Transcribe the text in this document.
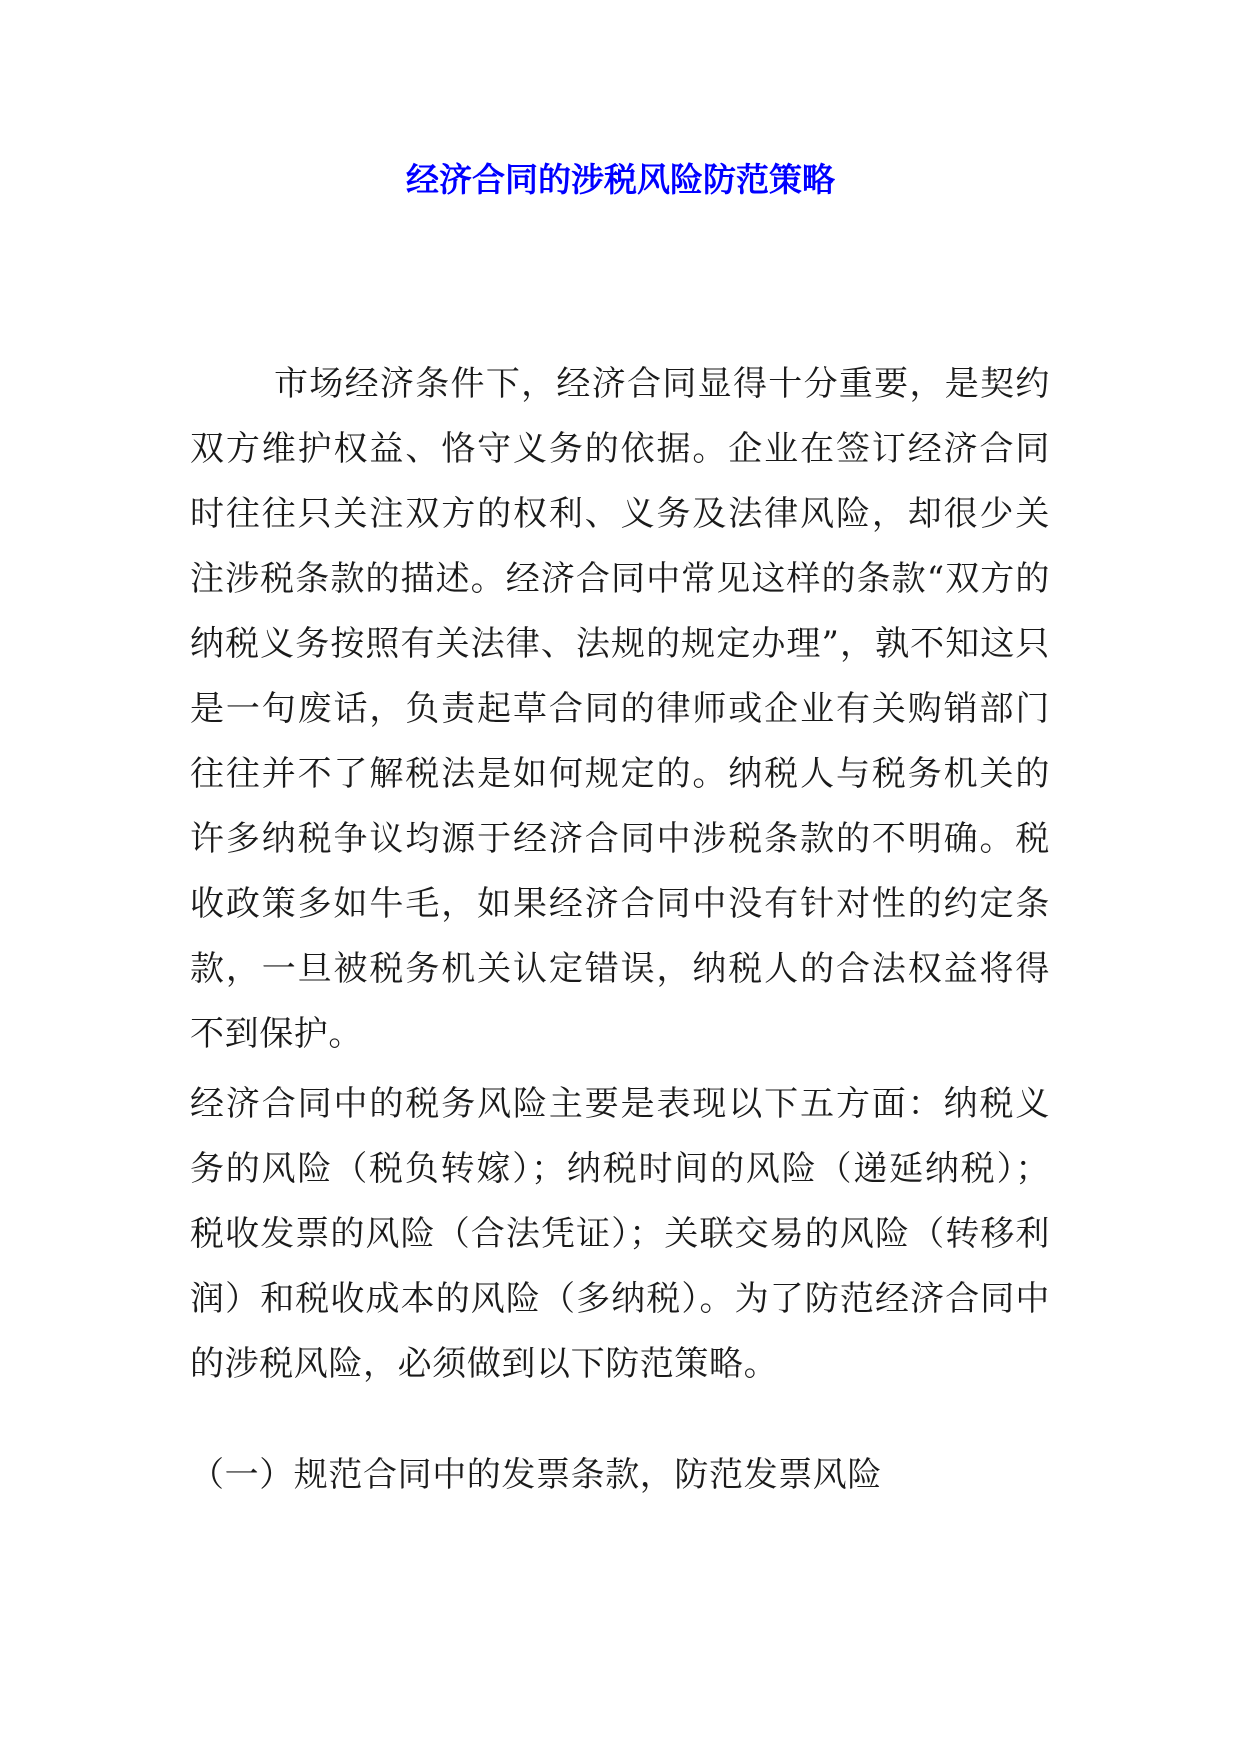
经济合同的涉税风险防范策略

市场经济条件下，经济合同显得十分重要，是契约双方维护权益、恪守义务的依据。企业在签订经济合同时往往只关注双方的权利、义务及法律风险，却很少关注涉税条款的描述。经济合同中常见这样的条款“双方的纳税义务按照有关法律、法规的规定办理”，孰不知这只是一句废话，负责起草合同的律师或企业有关购销部门往往并不了解税法是如何规定的。纳税人与税务机关的许多纳税争议均源于经济合同中涉税条款的不明确。税收政策多如牛毛，如果经济合同中没有针对性的约定条款，一旦被税务机关认定错误，纳税人的合法权益将得不到保护。

经济合同中的税务风险主要是表现以下五方面：纳税义务的风险（税负转嫁）；纳税时间的风险（递延纳税）；税收发票的风险（合法凭证）；关联交易的风险（转移利润）和税收成本的风险（多纳税）。为了防范经济合同中的涉税风险，必须做到以下防范策略。

（一）规范合同中的发票条款，防范发票风险
